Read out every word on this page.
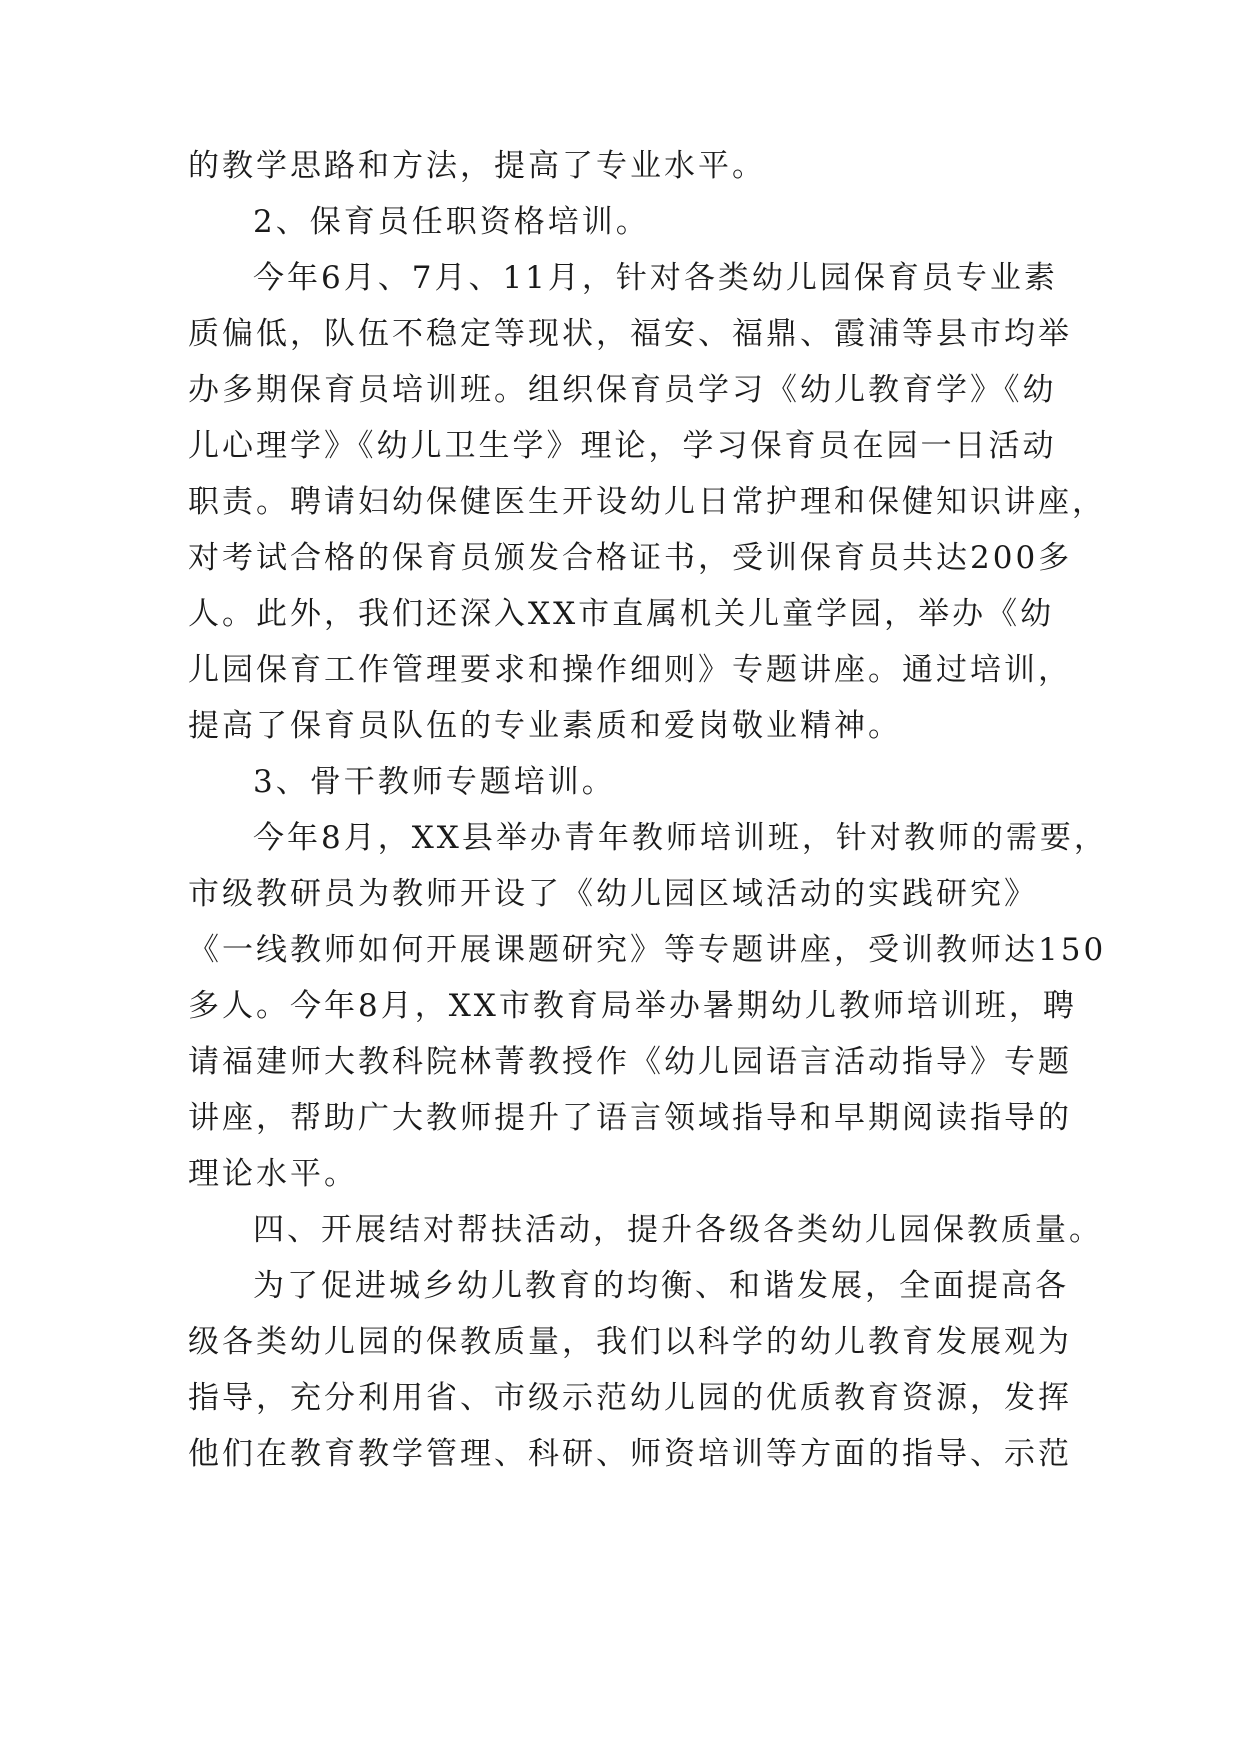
的教学思路和方法，提高了专业水平。
2、保育员任职资格培训。
今年6月、7月、11月，针对各类幼儿园保育员专业素
质偏低，队伍不稳定等现状，福安、福鼎、霞浦等县市均举
办多期保育员培训班。组织保育员学习《幼儿教育学》《幼
儿心理学》《幼儿卫生学》理论，学习保育员在园一日活动
职责。聘请妇幼保健医生开设幼儿日常护理和保健知识讲座，
对考试合格的保育员颁发合格证书，受训保育员共达200多
人。此外，我们还深入XX市直属机关儿童学园，举办《幼
儿园保育工作管理要求和操作细则》专题讲座。通过培训，
提高了保育员队伍的专业素质和爱岗敬业精神。
3、骨干教师专题培训。
今年8月，XX县举办青年教师培训班，针对教师的需要，
市级教研员为教师开设了《幼儿园区域活动的实践研究》
《一线教师如何开展课题研究》等专题讲座，受训教师达150
多人。今年8月，XX市教育局举办暑期幼儿教师培训班，聘
请福建师大教科院林菁教授作《幼儿园语言活动指导》专题
讲座，帮助广大教师提升了语言领域指导和早期阅读指导的
理论水平。
四、开展结对帮扶活动，提升各级各类幼儿园保教质量。
为了促进城乡幼儿教育的均衡、和谐发展，全面提高各
级各类幼儿园的保教质量，我们以科学的幼儿教育发展观为
指导，充分利用省、市级示范幼儿园的优质教育资源，发挥
他们在教育教学管理、科研、师资培训等方面的指导、示范
